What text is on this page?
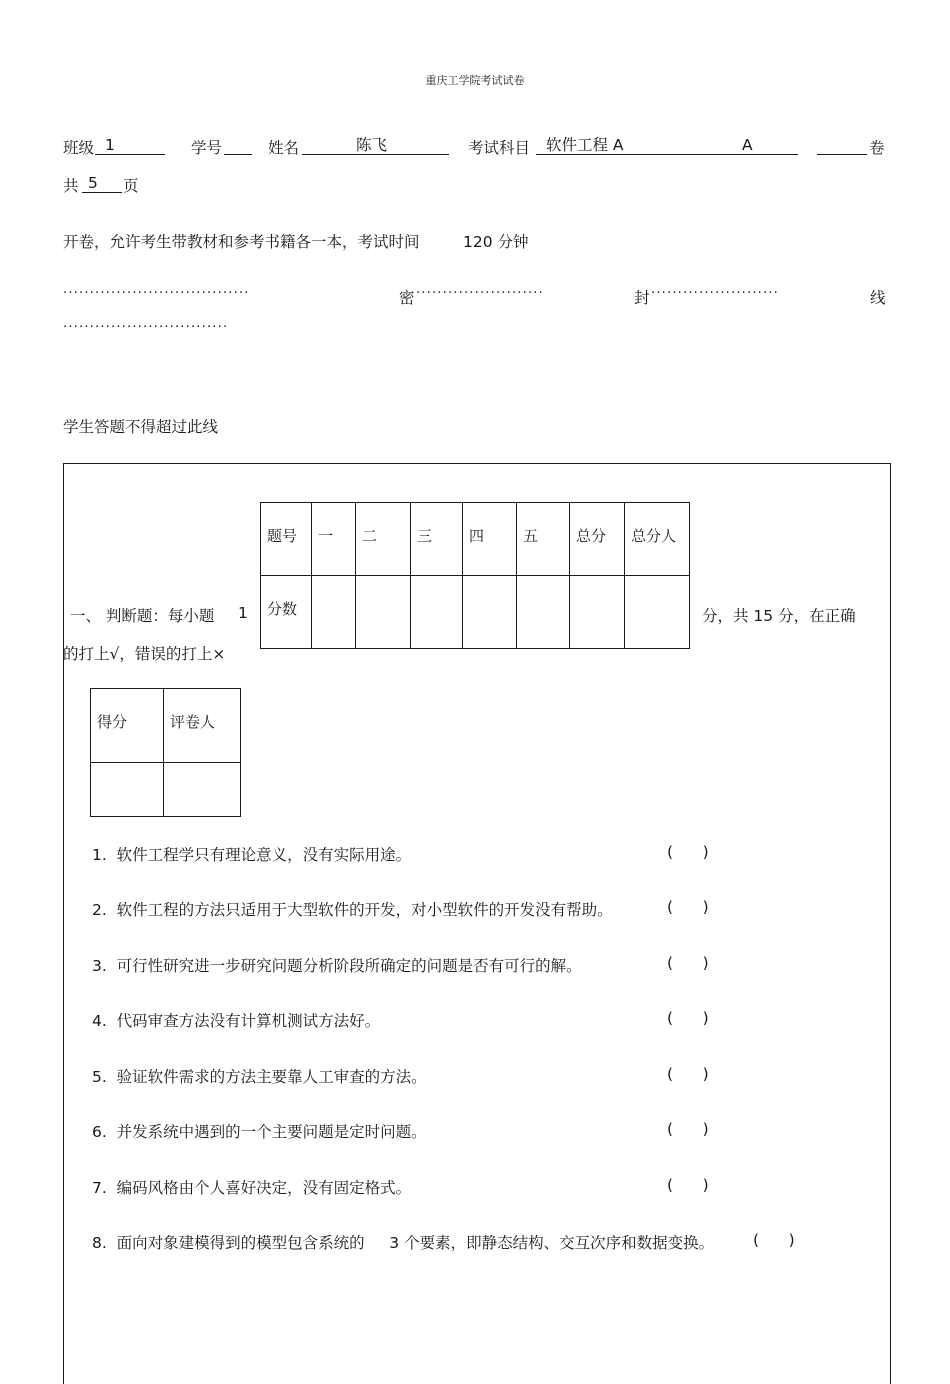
重庆工学院考试试卷
班级 1	学号	姓名	陈飞	考试科目	软件工程 A	A	卷
共 5	页
开卷，允许考生带教材和参考书籍各一本，考试时间	120 分钟
···································	密 ························	封 ························	线
·······························
学生答题不得超过此线
题号	一	二	三	四	五	总分	总分人
分数							
一、 判断题：每小题 1	分，共 15 分，在正确
的打上√，错误的打上×
得分	评卷人

1. 软件工程学只有理论意义，没有实际用途。	(      )
2. 软件工程的方法只适用于大型软件的开发，对小型软件的开发没有帮助。	(      )
3. 可行性研究进一步研究问题分析阶段所确定的问题是否有可行的解。	(      )
4. 代码审查方法没有计算机测试方法好。	(      )
5. 验证软件需求的方法主要靠人工审查的方法。	(      )
6. 并发系统中遇到的一个主要问题是定时问题。	(      )
7. 编码风格由个人喜好决定，没有固定格式。	(      )
8. 面向对象建模得到的模型包含系统的     3 个要素，即静态结构、交互次序和数据变换。	(      )
